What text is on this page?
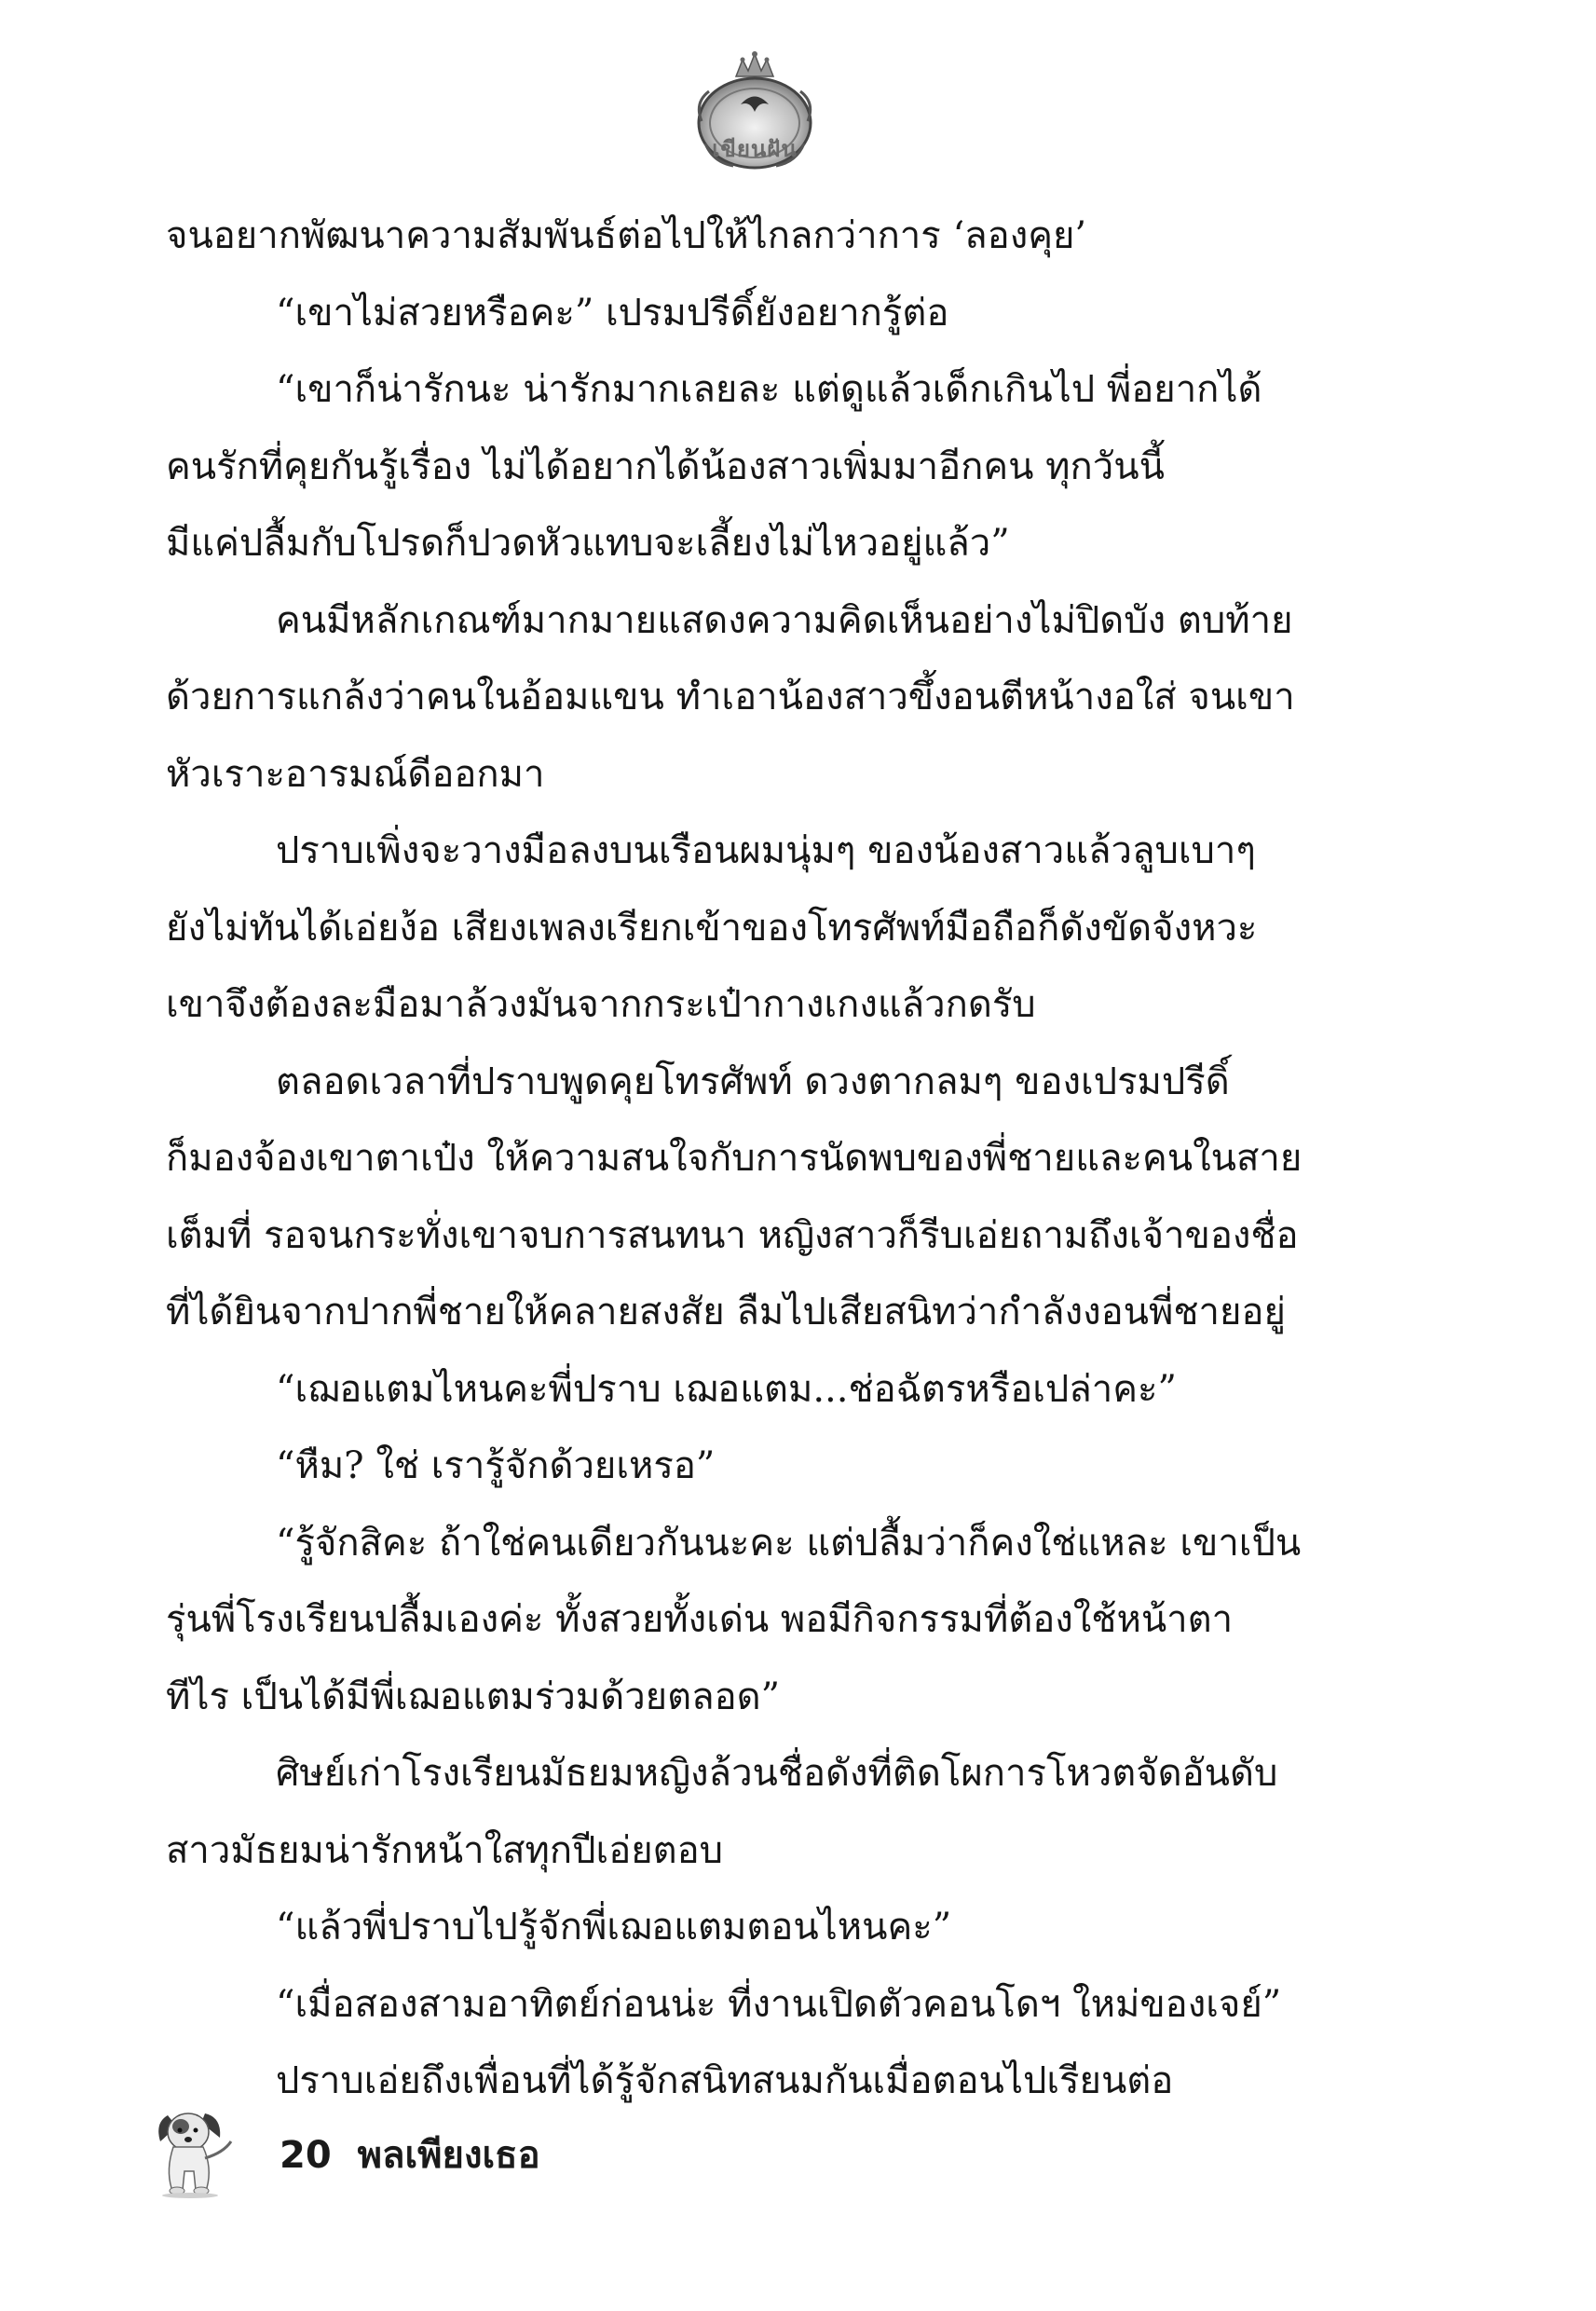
เขียนฝัน
จนอยากพัฒนาความสัมพันธ์ต่อไปให้ไกลกว่าการ ‘ลองคุย’
“เขาไม่สวยหรือคะ” เปรมปรีดิ์ยังอยากรู้ต่อ
“เขาก็น่ารักนะ น่ารักมากเลยละ แต่ดูแล้วเด็กเกินไป พี่อยากได้
คนรักที่คุยกันรู้เรื่อง ไม่ได้อยากได้น้องสาวเพิ่มมาอีกคน ทุกวันนี้
มีแค่ปลื้มกับโปรดก็ปวดหัวแทบจะเลี้ยงไม่ไหวอยู่แล้ว”
คนมีหลักเกณฑ์มากมายแสดงความคิดเห็นอย่างไม่ปิดบัง ตบท้าย
ด้วยการแกล้งว่าคนในอ้อมแขน ทำเอาน้องสาวขึ้งอนตีหน้างอใส่ จนเขา
หัวเราะอารมณ์ดีออกมา
ปราบเพิ่งจะวางมือลงบนเรือนผมนุ่มๆ ของน้องสาวแล้วลูบเบาๆ
ยังไม่ทันได้เอ่ยง้อ เสียงเพลงเรียกเข้าของโทรศัพท์มือถือก็ดังขัดจังหวะ
เขาจึงต้องละมือมาล้วงมันจากกระเป๋ากางเกงแล้วกดรับ
ตลอดเวลาที่ปราบพูดคุยโทรศัพท์ ดวงตากลมๆ ของเปรมปรีดิ์
ก็มองจ้องเขาตาเป๋ง ให้ความสนใจกับการนัดพบของพี่ชายและคนในสาย
เต็มที่ รอจนกระทั่งเขาจบการสนทนา หญิงสาวก็รีบเอ่ยถามถึงเจ้าของชื่อ
ที่ได้ยินจากปากพี่ชายให้คลายสงสัย ลืมไปเสียสนิทว่ากำลังงอนพี่ชายอยู่
“เฌอแตมไหนคะพี่ปราบ เฌอแตม...ช่อฉัตรหรือเปล่าคะ”
“หืม? ใช่ เรารู้จักด้วยเหรอ”
“รู้จักสิคะ ถ้าใช่คนเดียวกันนะคะ แต่ปลื้มว่าก็คงใช่แหละ เขาเป็น
รุ่นพี่โรงเรียนปลื้มเองค่ะ ทั้งสวยทั้งเด่น พอมีกิจกรรมที่ต้องใช้หน้าตา
ทีไร เป็นได้มีพี่เฌอแตมร่วมด้วยตลอด”
ศิษย์เก่าโรงเรียนมัธยมหญิงล้วนชื่อดังที่ติดโผการโหวตจัดอันดับ
สาวมัธยมน่ารักหน้าใสทุกปีเอ่ยตอบ
“แล้วพี่ปราบไปรู้จักพี่เฌอแตมตอนไหนคะ”
“เมื่อสองสามอาทิตย์ก่อนน่ะ ที่งานเปิดตัวคอนโดฯ ใหม่ของเจย์”
ปราบเอ่ยถึงเพื่อนที่ได้รู้จักสนิทสนมกันเมื่อตอนไปเรียนต่อ
20 พลเพียงเธอ
